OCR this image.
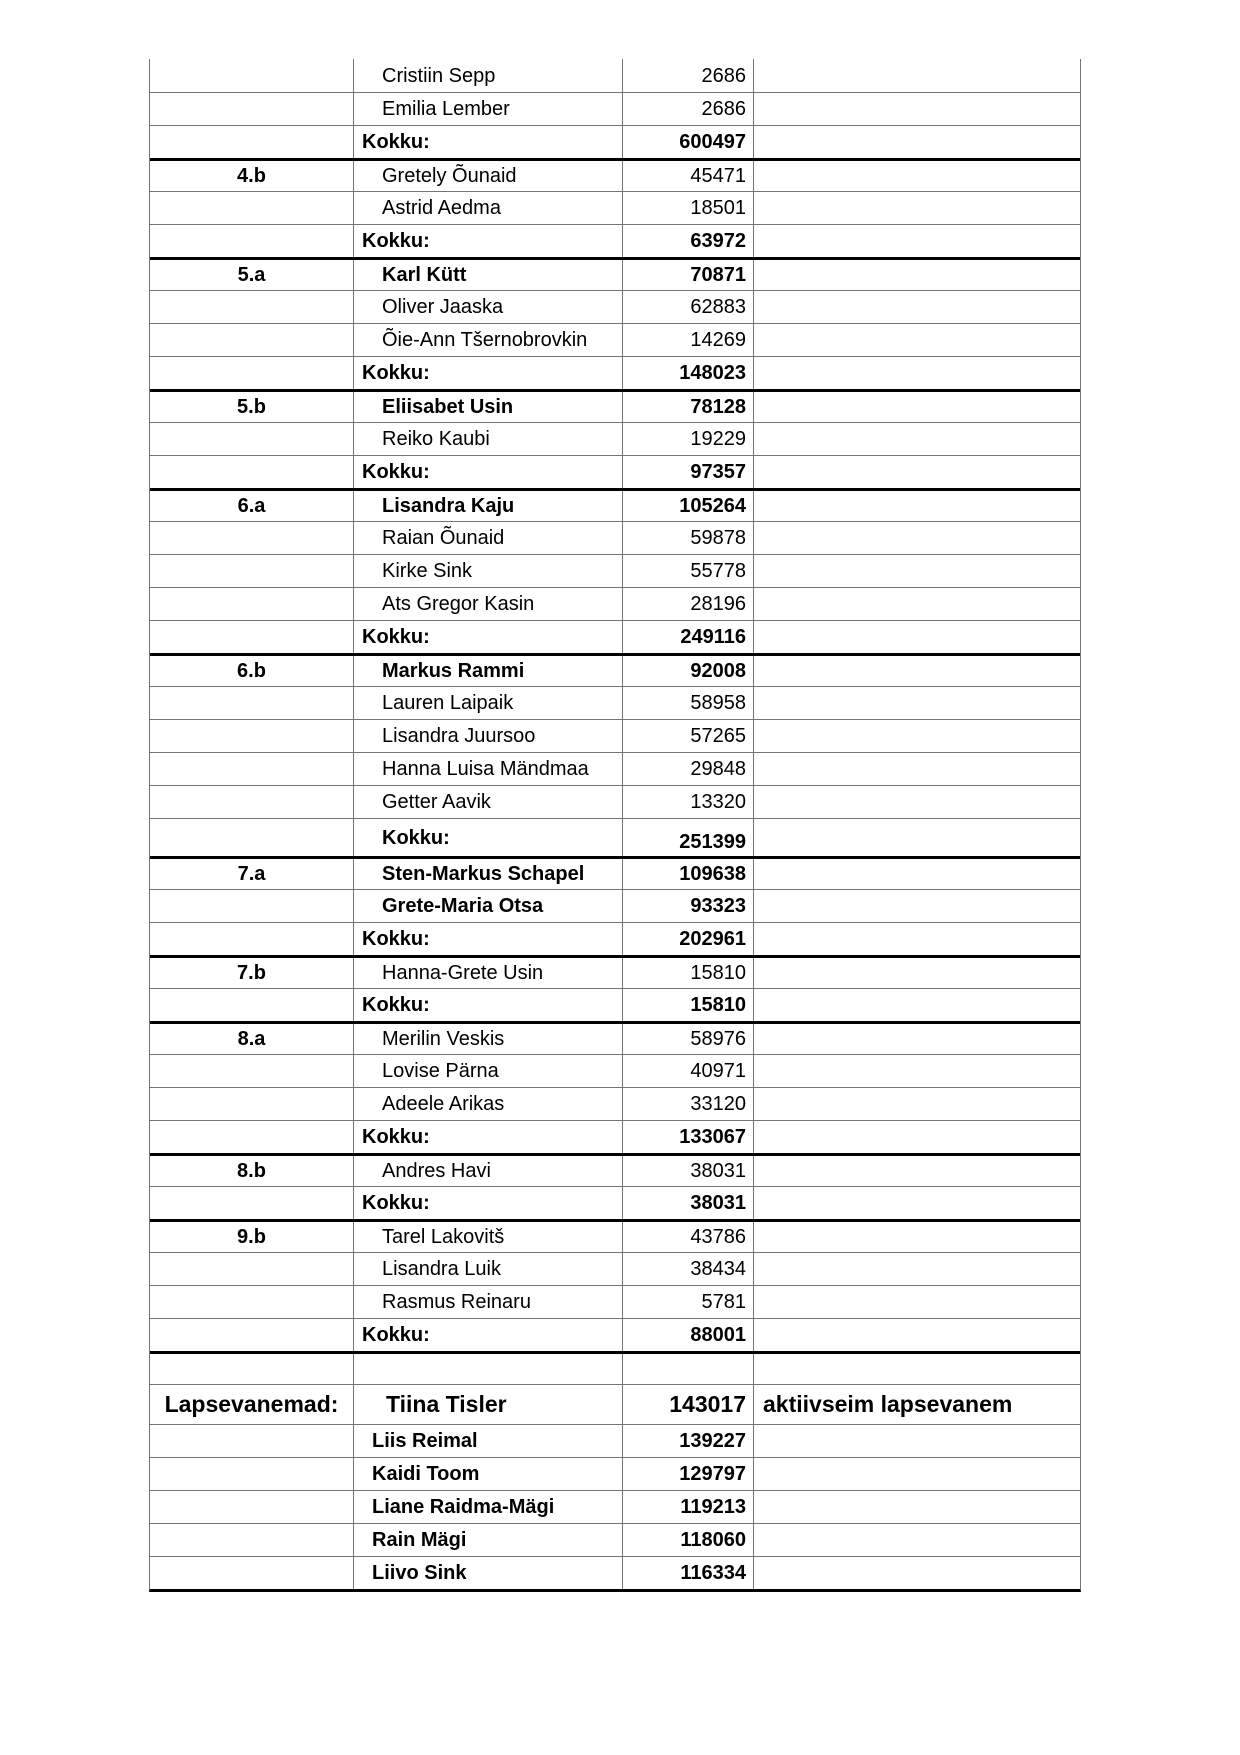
Cristiin Sepp	2686
Emilia Lember	2686
Kokku:	600497
4.b	Gretely Õunaid	45471
Astrid Aedma	18501
Kokku:	63972
5.a	Karl Kütt	70871
Oliver Jaaska	62883
Õie-Ann Tšernobrovkin	14269
Kokku:	148023
5.b	Eliisabet Usin	78128
Reiko Kaubi	19229
Kokku:	97357
6.a	Lisandra Kaju	105264
Raian Õunaid	59878
Kirke Sink	55778
Ats Gregor Kasin	28196
Kokku:	249116
6.b	Markus Rammi	92008
Lauren Laipaik	58958
Lisandra Juursoo	57265
Hanna Luisa Mändmaa	29848
Getter Aavik	13320
Kokku:	251399
7.a	Sten-Markus Schapel	109638
Grete-Maria Otsa	93323
Kokku:	202961
7.b	Hanna-Grete Usin	15810
Kokku:	15810
8.a	Merilin Veskis	58976
Lovise Pärna	40971
Adeele Arikas	33120
Kokku:	133067
8.b	Andres Havi	38031
Kokku:	38031
9.b	Tarel Lakovitš	43786
Lisandra Luik	38434
Rasmus Reinaru	5781
Kokku:	88001
Lapsevanemad:	Tiina Tisler	143017 aktiivseim lapsevanem
Liis Reimal	139227
Kaidi Toom	129797
Liane Raidma-Mägi	119213
Rain Mägi	118060
Liivo Sink	116334
